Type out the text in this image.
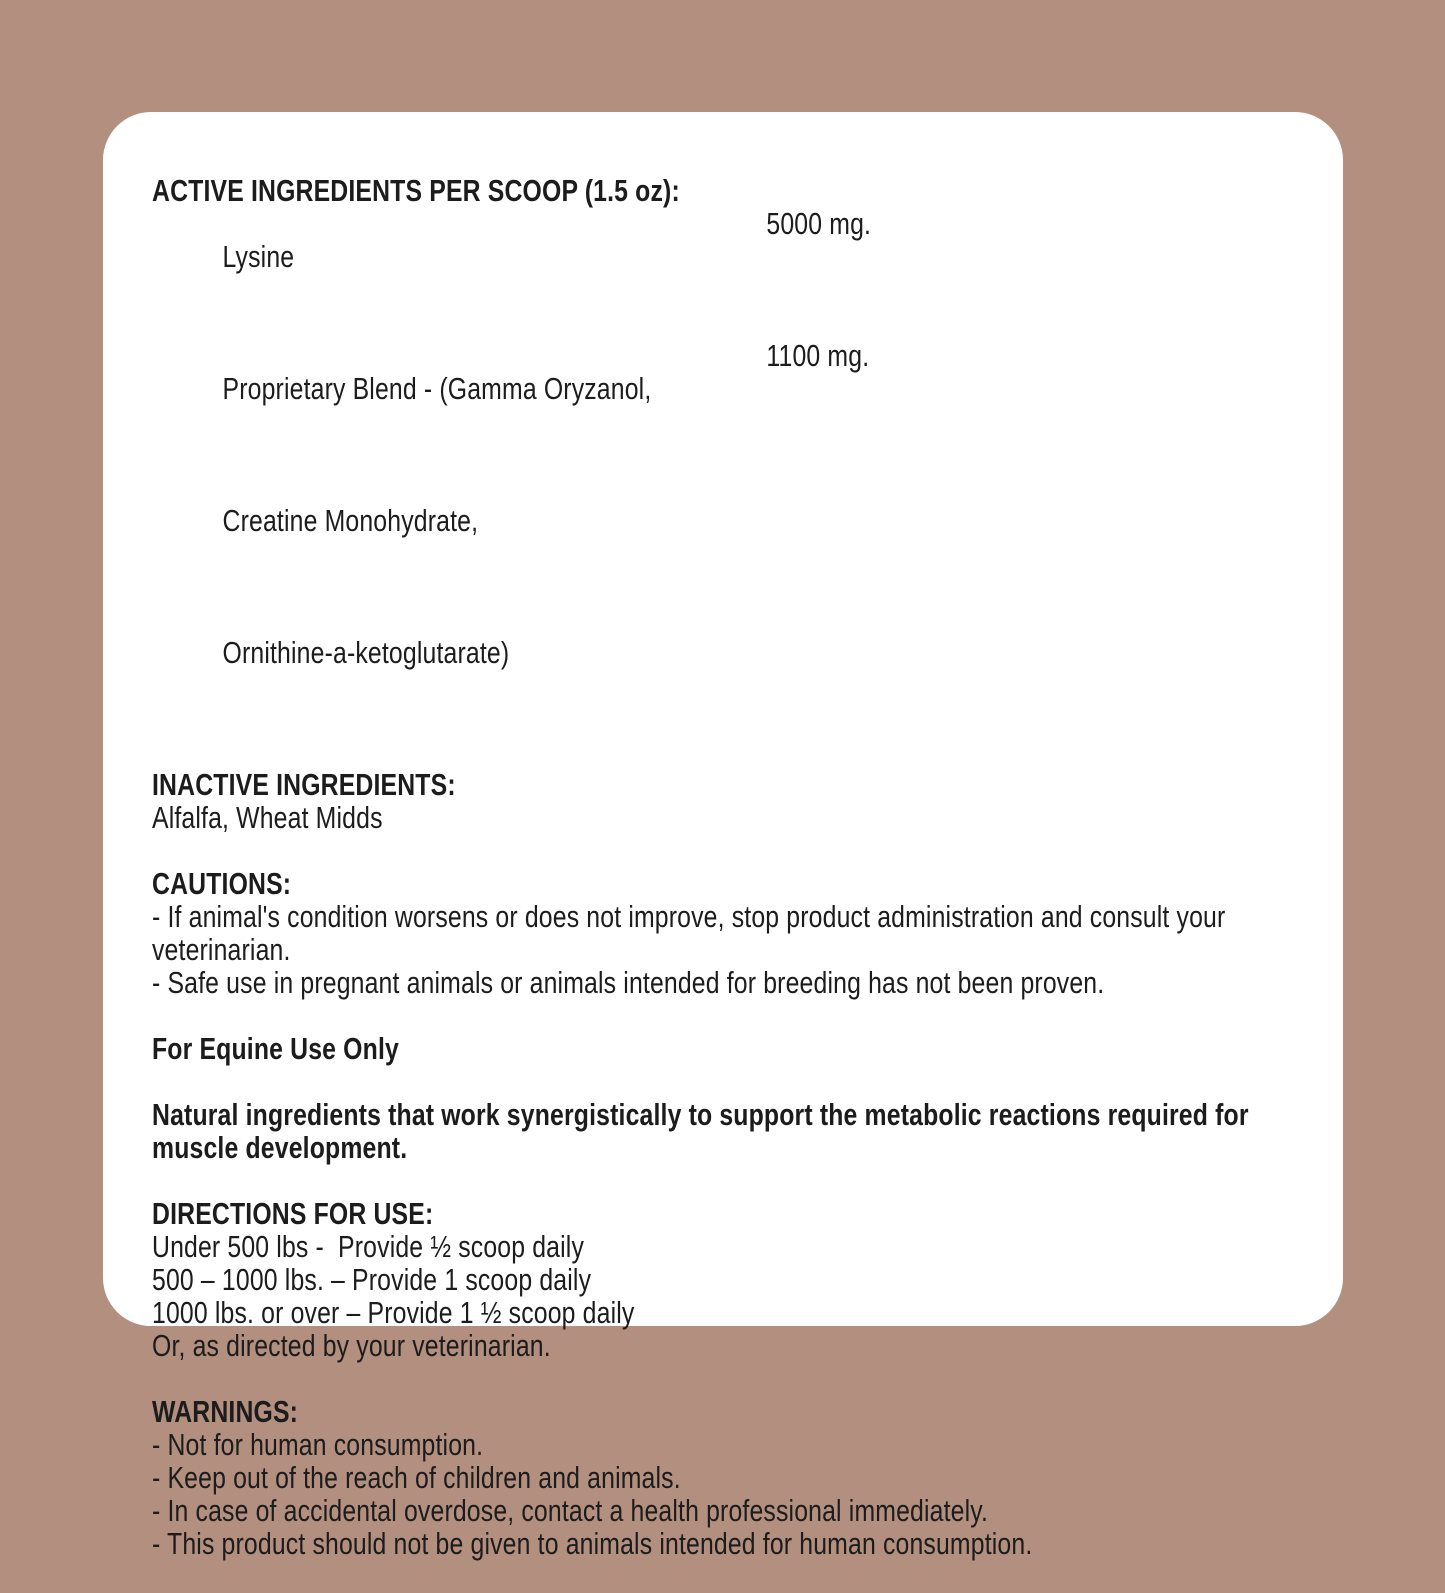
ACTIVE INGREDIENTS PER SCOOP (1.5 oz):

Lysine

5000 mg.

Proprietary Blend - (Gamma Oryzanol,

1100 mg.

Creatine Monohydrate,

Ornithine-a-ketoglutarate)

INACTIVE INGREDIENTS:

Alfalfa, Wheat Midds

CAUTIONS:

- If animal's condition worsens or does not improve, stop product administration and consult your veterinarian.

- Safe use in pregnant animals or animals intended for breeding has not been proven.

For Equine Use Only

Natural ingredients that work synergistically to support the metabolic reactions required for muscle development.

DIRECTIONS FOR USE:

Under 500 lbs -  Provide ½ scoop daily

500 – 1000 lbs. – Provide 1 scoop daily

1000 lbs. or over – Provide 1 ½ scoop daily

Or, as directed by your veterinarian.

WARNINGS:

- Not for human consumption.

- Keep out of the reach of children and animals.

- In case of accidental overdose, contact a health professional immediately.

- This product should not be given to animals intended for human consumption.
